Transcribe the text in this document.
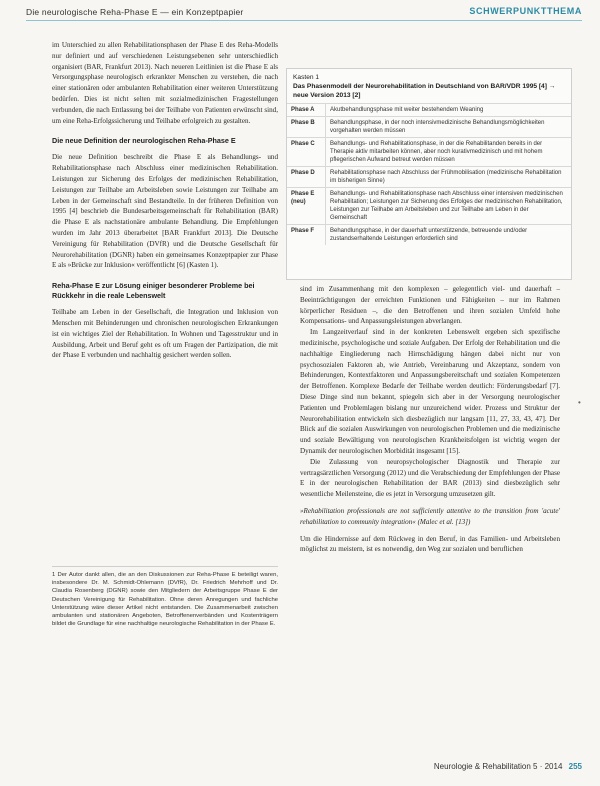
Die neurologische Reha-Phase E — ein Konzeptpapier	SCHWERPUNKTTHEMA

im Unterschied zu allen Rehabilitationsphasen der Phase E des Reha-Modells nur definiert und auf verschiedenen Leistungsebenen sehr unterschiedlich organisiert (BAR, Frankfurt 2013). Nach neueren Leitlinien ist die Phase E als Versorgungsphase neurologisch erkrankter Menschen zu verstehen, die nach einer stationären oder ambulanten Rehabilitation einer weiteren Unterstützung bedürfen. Dies ist nicht selten mit sozialmedizinischen Fragestellungen verbunden, die nach Entlassung bei der Teilhabe von Patienten erwünscht sind, um eine Reha-Erfolgssicherung und Teilhabe erfolgreich zu gestalten.

Die neue Definition der neurologischen Reha-Phase E

Die neue Definition beschreibt die Phase E als Behandlungs- und Rehabilitationsphase nach Abschluss einer medizinischen Rehabilitation. Leistungen zur Sicherung des Erfolges der medizinischen Rehabilitation, Leistungen zur Teilhabe am Arbeitsleben sowie Leistungen zur Teilhabe am Leben in der Gemeinschaft sind Bestandteile. In der früheren Definition von 1995 [4] beschrieb die Bundesarbeitsgemeinschaft für Rehabilitation (BAR) die Phase E als nachstationäre ambulante Behandlung. Die Empfehlungen wurden im Jahr 2013 überarbeitet [BAR Frankfurt 2013]. Die Deutsche Vereinigung für Rehabilitation (DVfR) und die Deutsche Gesellschaft für Neurorehabilitation (DGNR) haben ein gemeinsames Konzeptpapier zur Phase E als »Brücke zur Inklusion« veröffentlicht [6] (Kasten 1).

Reha-Phase E zur Lösung einiger besonderer Probleme bei Rückkehr in die reale Lebenswelt

Teilhabe am Leben in der Gesellschaft, die Integration und Inklusion von Menschen mit Behinderungen und chronischen neurologischen Erkrankungen ist ein wichtiges Ziel der Rehabilitation. In Wohnen und Tagesstruktur und in Ausbildung, Arbeit und Beruf geht es oft um Fragen der Partizipation, die mit der Phase E verbunden und nachhaltig gesichert werden sollen.

Kasten 1
Das Phasenmodell der Neurorehabilitation in Deutschland von BAR/VDR 1995 [4] → neue Version 2013 [2]
Phase A	Akutbehandlungsphase mit weiter bestehendem Weaning
Phase B	Behandlungsphase, in der noch intensivmedizinische Behandlungsmöglichkeiten vorgehalten werden müssen
Phase C	Behandlungs- und Rehabilitationsphase, in der die Rehabilitanden bereits in der Therapie aktiv mitarbeiten können, aber noch kurativmedizinisch und mit hohem pflegerischen Aufwand betreut werden müssen
Phase D	Rehabilitationsphase nach Abschluss der Frühmobilisation (medizinische Rehabilitation im bisherigen Sinne)
Phase E (neu)	Behandlungs- und Rehabilitationsphase nach Abschluss einer intensiven medizinischen Rehabilitation; Leistungen zur Sicherung des Erfolges der medizinischen Rehabilitation, Leistungen zur Teilhabe am Arbeitsleben und zur Teilhabe am Leben in der Gemeinschaft
Phase F	Behandlungsphase, in der dauerhaft unterstützende, betreuende und/oder zustandserhaltende Leistungen erforderlich sind

sind im Zusammenhang mit den komplexen – gelegentlich viel- und dauerhaft – Beeinträchtigungen der erreichten Funktionen und Fähigkeiten – nur im Rahmen körperlicher Residuen –, die den Betroffenen und ihren sozialen Umfeld hohe Kompensations- und Anpassungsleistungen abverlangen.

Im Langzeitverlauf sind in der konkreten Lebenswelt ergeben sich spezifische medizinische, psychologische und soziale Aufgaben. Der Erfolg der Rehabilitation und die nachhaltige Eingliederung nach Hirnschädigung hängen dabei nicht nur von psychosozialen Faktoren ab, wie Antrieb, Vereinbarung und Akzeptanz, sondern von Behinderungen, Kontextfaktoren und Anpassungsbereitschaft und sozialen Kompetenzen der Betroffenen. Komplexe Bedarfe der Teilhabe werden deutlich: Förderungsbedarf [7]. Diese Dinge sind nun bekannt, spiegeln sich aber in der Versorgung neurologischer Patienten und Problemlagen bislang nur unzureichend wider. Prozess und Struktur der Neurorehabilitation entwickeln sich diesbezüglich nur langsam [11, 27, 33, 43, 47]. Der Blick auf die sozialen Auswirkungen von neurologischen Problemen und die medizinische und soziale Bewältigung von neurologischen Krankheitsfolgen ist wichtig wegen der Dynamik der neurologischen Morbidität insgesamt [15].

Die Zulassung von neuropsychologischer Diagnostik und Therapie zur vertragsärztlichen Versorgung (2012) und die Verabschiedung der Empfehlungen der Phase E in der neurologischen Rehabilitation der BAR (2013) sind diesbezüglich sehr wesentliche Meilensteine, die es jetzt in Versorgung umzusetzen gilt.

»Rehabilitation professionals are not sufficiently attentive to the transition from 'acute' rehabilitation to community integration« (Malec et al. [13])

Um die Hindernisse auf dem Rückweg in den Beruf, in das Familien- und Arbeitsleben möglichst zu meistern, ist es notwendig, den Weg zur sozialen und beruflichen

1 Der Autor dankt allen, die an den Diskussionen zur Reha-Phase E beteiligt waren, insbesondere Dr. M. Schmidt-Ohlemann (DVfR), Dr. Friedrich Mehrhoff und Dr. Claudia Rosenberg (DGNR) sowie den Mitgliedern der Arbeitsgruppe Phase E der Deutschen Vereinigung für Rehabilitation. Ohne deren Anregungen und fachliche Unterstützung wäre dieser Artikel nicht entstanden. Die Zusammenarbeit zwischen ambulanten und stationären Angeboten, Betroffenenverbänden und Kostenträgern bildet die Grundlage für eine nachhaltige neurologische Rehabilitation in der Phase E.

•
Neurologie & Rehabilitation 5 · 2014 255
